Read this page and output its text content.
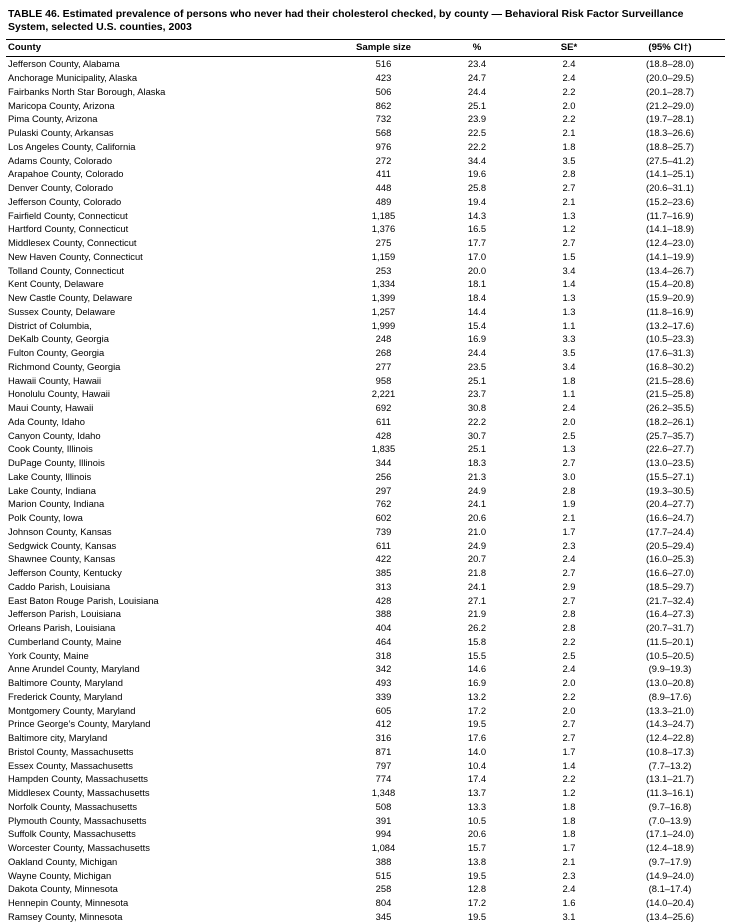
TABLE 46. Estimated prevalence of persons who never had their cholesterol checked, by county — Behavioral Risk Factor Surveillance System, selected U.S. counties, 2003
County	Sample size	%	SE*	(95% CI†)
Jefferson County, Alabama	516	23.4	2.4	(18.8–28.0)
Anchorage Municipality, Alaska	423	24.7	2.4	(20.0–29.5)
Fairbanks North Star Borough, Alaska	506	24.4	2.2	(20.1–28.7)
Maricopa County, Arizona	862	25.1	2.0	(21.2–29.0)
Pima County, Arizona	732	23.9	2.2	(19.7–28.1)
Pulaski County, Arkansas	568	22.5	2.1	(18.3–26.6)
Los Angeles County, California	976	22.2	1.8	(18.8–25.7)
Adams County, Colorado	272	34.4	3.5	(27.5–41.2)
Arapahoe County, Colorado	411	19.6	2.8	(14.1–25.1)
Denver County, Colorado	448	25.8	2.7	(20.6–31.1)
Jefferson County, Colorado	489	19.4	2.1	(15.2–23.6)
Fairfield County, Connecticut	1,185	14.3	1.3	(11.7–16.9)
Hartford County, Connecticut	1,376	16.5	1.2	(14.1–18.9)
Middlesex County, Connecticut	275	17.7	2.7	(12.4–23.0)
New Haven County, Connecticut	1,159	17.0	1.5	(14.1–19.9)
Tolland County, Connecticut	253	20.0	3.4	(13.4–26.7)
Kent County, Delaware	1,334	18.1	1.4	(15.4–20.8)
New Castle County, Delaware	1,399	18.4	1.3	(15.9–20.9)
Sussex County, Delaware	1,257	14.4	1.3	(11.8–16.9)
District of Columbia,	1,999	15.4	1.1	(13.2–17.6)
DeKalb County, Georgia	248	16.9	3.3	(10.5–23.3)
Fulton County, Georgia	268	24.4	3.5	(17.6–31.3)
Richmond County, Georgia	277	23.5	3.4	(16.8–30.2)
Hawaii County, Hawaii	958	25.1	1.8	(21.5–28.6)
Honolulu County, Hawaii	2,221	23.7	1.1	(21.5–25.8)
Maui County, Hawaii	692	30.8	2.4	(26.2–35.5)
Ada County, Idaho	611	22.2	2.0	(18.2–26.1)
Canyon County, Idaho	428	30.7	2.5	(25.7–35.7)
Cook County, Illinois	1,835	25.1	1.3	(22.6–27.7)
DuPage County, Illinois	344	18.3	2.7	(13.0–23.5)
Lake County, Illinois	256	21.3	3.0	(15.5–27.1)
Lake County, Indiana	297	24.9	2.8	(19.3–30.5)
Marion County, Indiana	762	24.1	1.9	(20.4–27.7)
Polk County, Iowa	602	20.6	2.1	(16.6–24.7)
Johnson County, Kansas	739	21.0	1.7	(17.7–24.4)
Sedgwick County, Kansas	611	24.9	2.3	(20.5–29.4)
Shawnee County, Kansas	422	20.7	2.4	(16.0–25.3)
Jefferson County, Kentucky	385	21.8	2.7	(16.6–27.0)
Caddo Parish, Louisiana	313	24.1	2.9	(18.5–29.7)
East Baton Rouge Parish, Louisiana	428	27.1	2.7	(21.7–32.4)
Jefferson Parish, Louisiana	388	21.9	2.8	(16.4–27.3)
Orleans Parish, Louisiana	404	26.2	2.8	(20.7–31.7)
Cumberland County, Maine	464	15.8	2.2	(11.5–20.1)
York County, Maine	318	15.5	2.5	(10.5–20.5)
Anne Arundel County, Maryland	342	14.6	2.4	(9.9–19.3)
Baltimore County, Maryland	493	16.9	2.0	(13.0–20.8)
Frederick County, Maryland	339	13.2	2.2	(8.9–17.6)
Montgomery County, Maryland	605	17.2	2.0	(13.3–21.0)
Prince George’s County, Maryland	412	19.5	2.7	(14.3–24.7)
Baltimore city, Maryland	316	17.6	2.7	(12.4–22.8)
Bristol County, Massachusetts	871	14.0	1.7	(10.8–17.3)
Essex County, Massachusetts	797	10.4	1.4	(7.7–13.2)
Hampden County, Massachusetts	774	17.4	2.2	(13.1–21.7)
Middlesex County, Massachusetts	1,348	13.7	1.2	(11.3–16.1)
Norfolk County, Massachusetts	508	13.3	1.8	(9.7–16.8)
Plymouth County, Massachusetts	391	10.5	1.8	(7.0–13.9)
Suffolk County, Massachusetts	994	20.6	1.8	(17.1–24.0)
Worcester County, Massachusetts	1,084	15.7	1.7	(12.4–18.9)
Oakland County, Michigan	388	13.8	2.1	(9.7–17.9)
Wayne County, Michigan	515	19.5	2.3	(14.9–24.0)
Dakota County, Minnesota	258	12.8	2.4	(8.1–17.4)
Hennepin County, Minnesota	804	17.2	1.6	(14.0–20.4)
Ramsey County, Minnesota	345	19.5	3.1	(13.4–25.6)
